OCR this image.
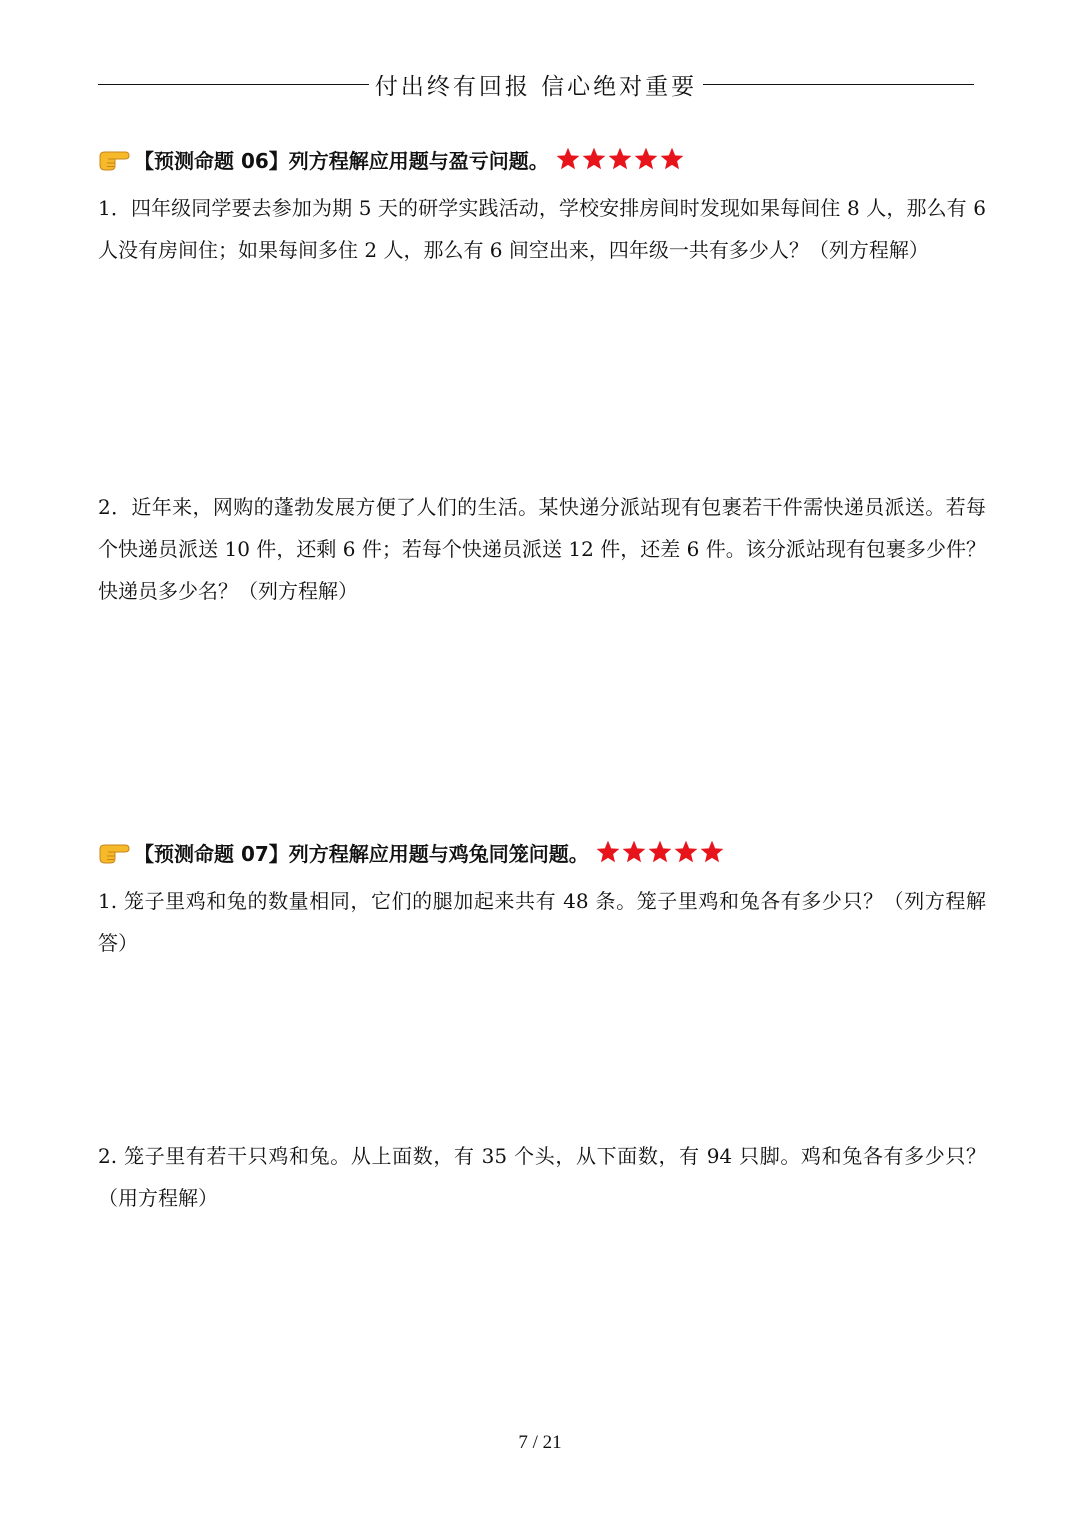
付出终有回报 信心绝对重要
【预测命题 06】列方程解应用题与盈亏问题。
1．四年级同学要去参加为期 5 天的研学实践活动，学校安排房间时发现如果每间住 8 人，那么有 6 人没有房间住；如果每间多住 2 人，那么有 6 间空出来，四年级一共有多少人？（列方程解）
2．近年来，网购的蓬勃发展方便了人们的生活。某快递分派站现有包裹若干件需快递员派送。若每个快递员派送 10 件，还剩 6 件；若每个快递员派送 12 件，还差 6 件。该分派站现有包裹多少件？快递员多少名？（列方程解）
【预测命题 07】列方程解应用题与鸡兔同笼问题。
1. 笼子里鸡和兔的数量相同，它们的腿加起来共有 48 条。笼子里鸡和兔各有多少只？（列方程解答）
2. 笼子里有若干只鸡和兔。从上面数，有 35 个头，从下面数，有 94 只脚。鸡和兔各有多少只？（用方程解）
7 / 21
